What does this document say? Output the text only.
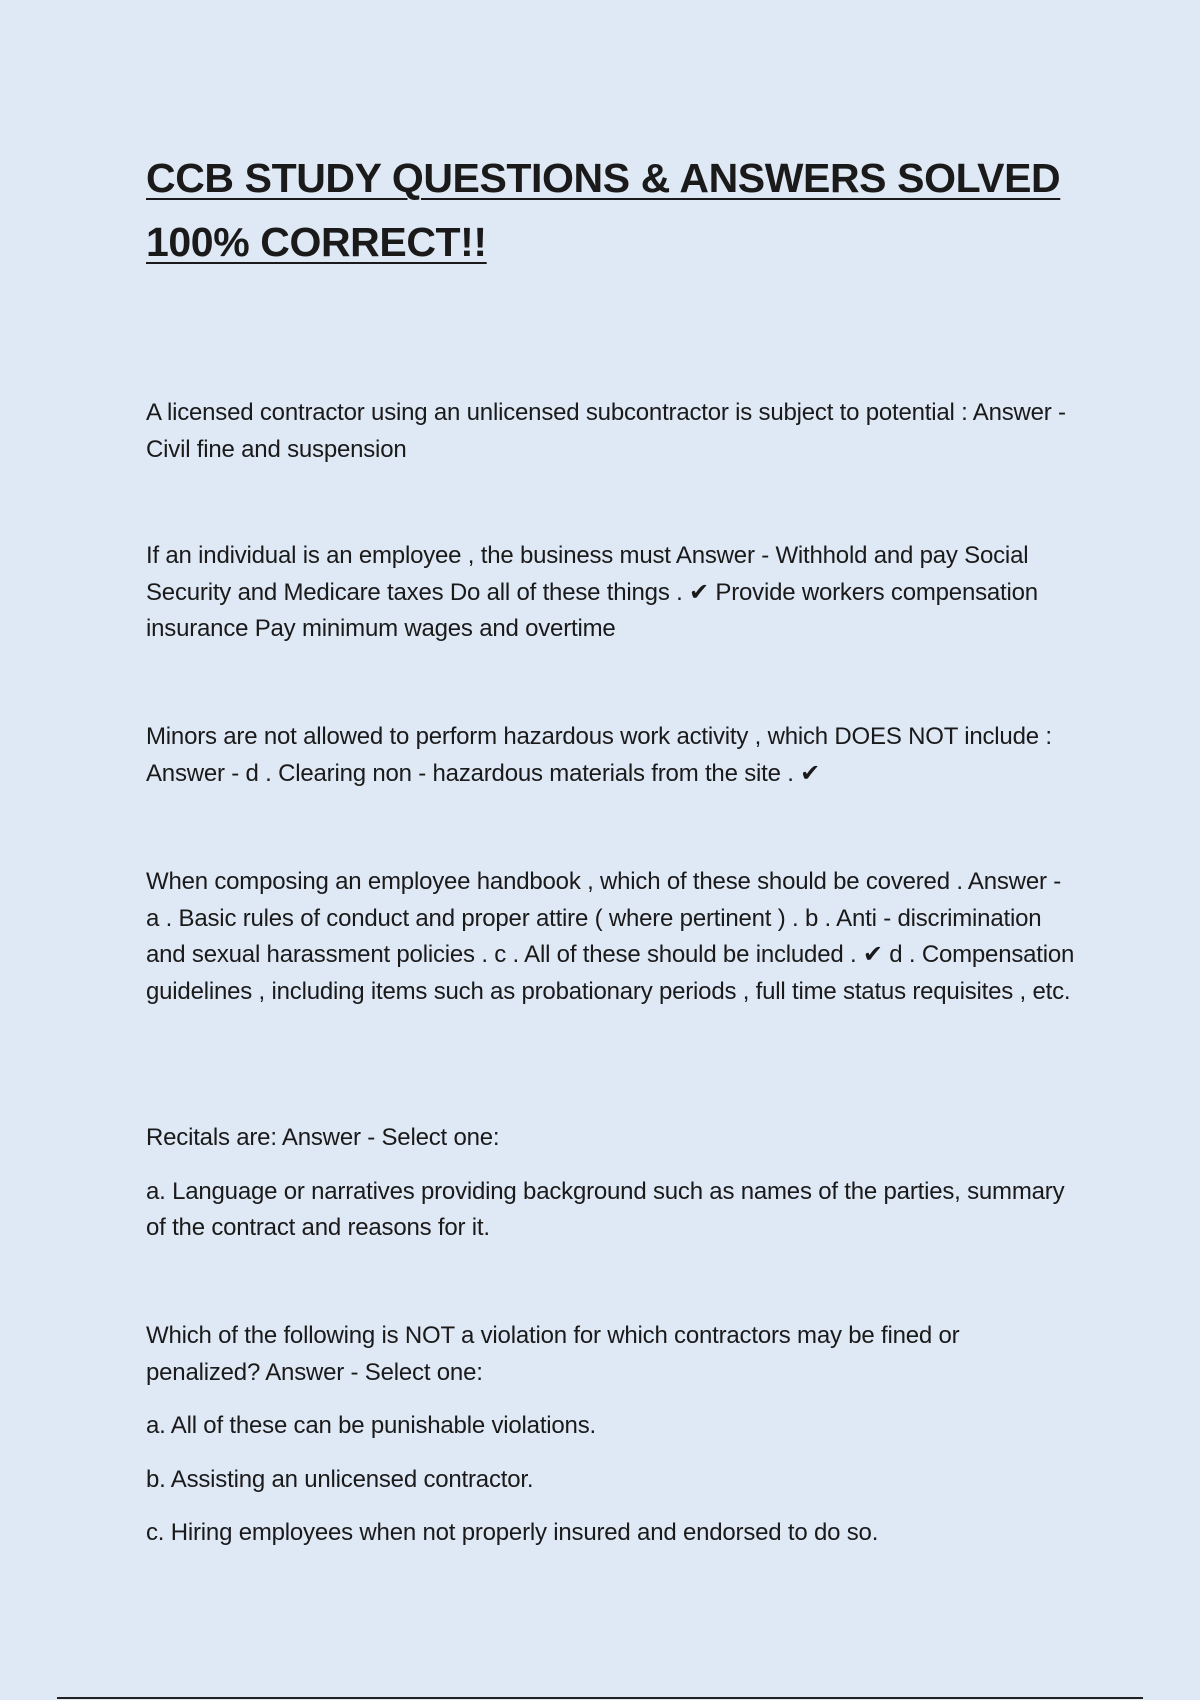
CCB STUDY QUESTIONS & ANSWERS SOLVED 100% CORRECT!!

A licensed contractor using an unlicensed subcontractor is subject to potential : Answer - Civil fine and suspension

If an individual is an employee , the business must Answer - Withhold and pay Social Security and Medicare taxes Do all of these things . ✔ Provide workers compensation insurance Pay minimum wages and overtime

Minors are not allowed to perform hazardous work activity , which DOES NOT include : Answer - d . Clearing non - hazardous materials from the site . ✔

When composing an employee handbook , which of these should be covered . Answer - a . Basic rules of conduct and proper attire ( where pertinent ) . b . Anti - discrimination and sexual harassment policies . c . All of these should be included . ✔ d . Compensation guidelines , including items such as probationary periods , full time status requisites , etc.

Recitals are: Answer - Select one:

a. Language or narratives providing background such as names of the parties, summary of the contract and reasons for it.

Which of the following is NOT a violation for which contractors may be fined or penalized? Answer - Select one:

a. All of these can be punishable violations.

b. Assisting an unlicensed contractor.

c. Hiring employees when not properly insured and endorsed to do so.
